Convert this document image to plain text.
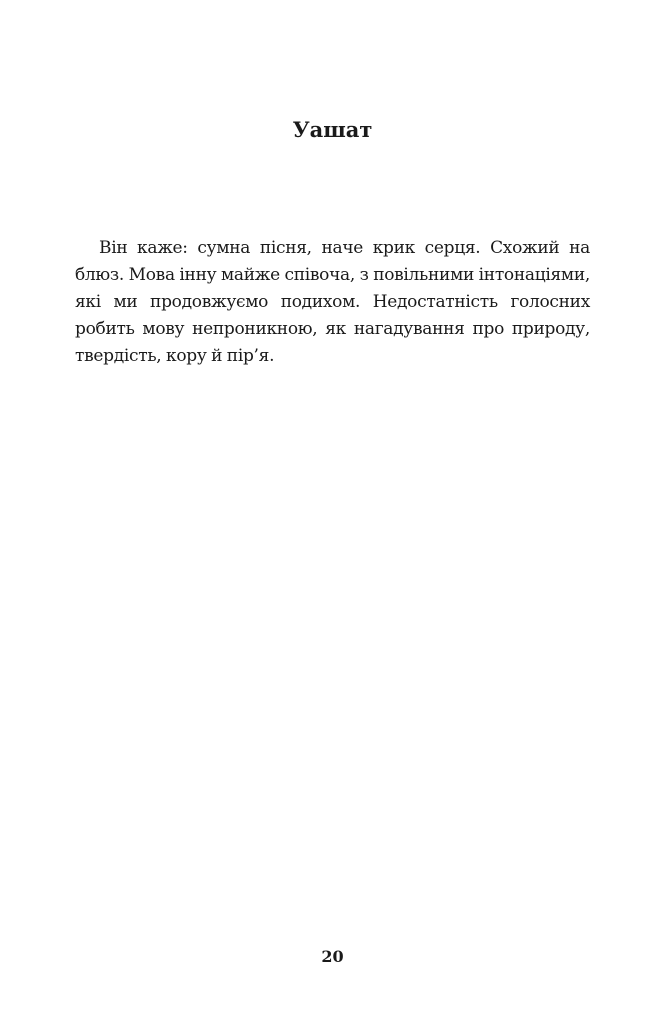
Уашат

Він каже: сумна пісня, наче крик серця. Схожий на блюз. Мова інну майже співоча, з повільними інтонаціями, які ми продовжуємо подихом. Недостатність голосних робить мову непроникною, як нагадування про природу, твердість, кору й пір’я.

20
